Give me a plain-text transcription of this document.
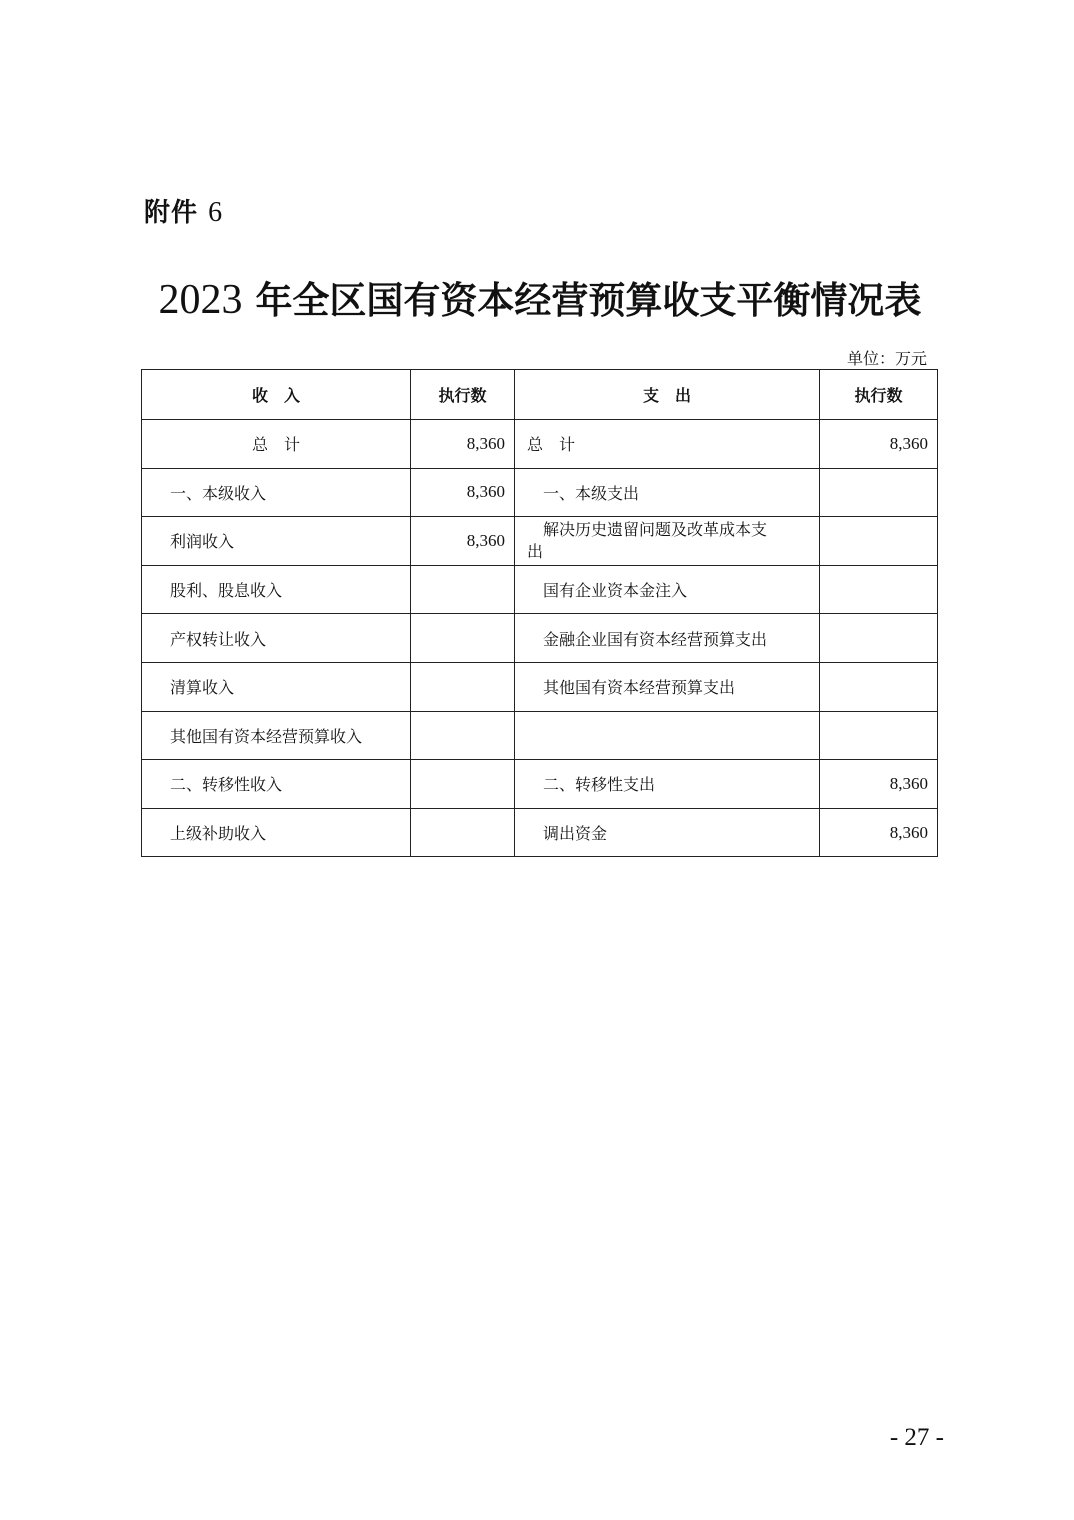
附件 6
2023 年全区国有资本经营预算收支平衡情况表
单位：万元
收　入	执行数	支　出	执行数
总　计	8,360	总　计	8,360
一、本级收入	8,360	一、本级支出	
利润收入	8,360	解决历史遗留问题及改革成本支
出	

股利、股息收入		国有企业资本金注入	
产权转让收入		金融企业国有资本经营预算支出	
清算收入		其他国有资本经营预算支出	
其他国有资本经营预算收入			
二、转移性收入		二、转移性支出	8,360
上级补助收入		调出资金	8,360
- 27 -
